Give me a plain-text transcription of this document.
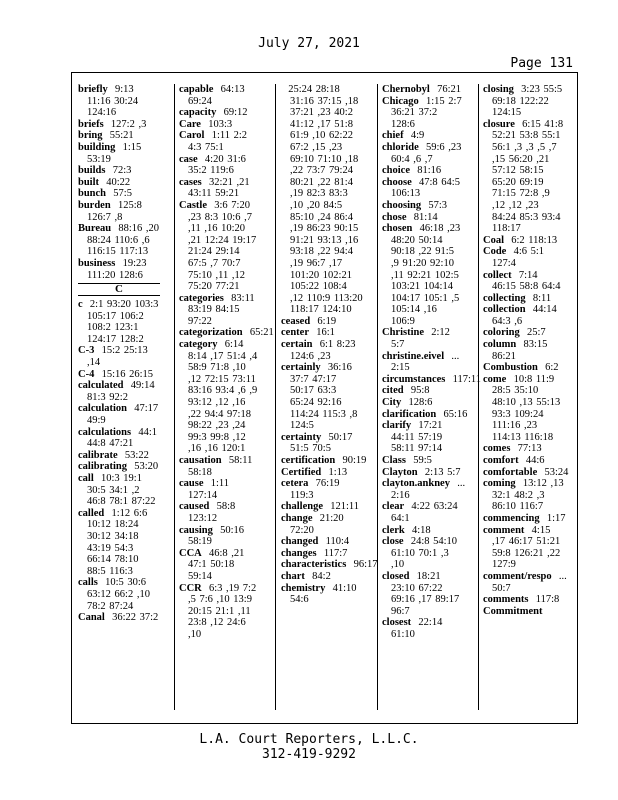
July 27, 2021
Page 131

briefly 9:13 11:16 30:24 124:16

briefs 127:2 ,3

bring 55:21

building 1:15 53:19

builds 72:3

built 40:22

bunch 57:5

burden 125:8 126:7 ,8

Bureau 88:16 ,20 88:24 110:6 ,6 116:15 117:13

business 19:23 111:20 128:6

C

c 2:1 93:20 103:3 105:17 106:2 108:2 123:1 124:17 128:2

C-3 15:2 25:13 ,14

C-4 15:16 26:15

calculated 49:14 81:3 92:2

calculation 47:17 49:9

calculations 44:1 44:8 47:21

calibrate 53:22

calibrating 53:20

call 10:3 19:1 30:5 34:1 ,2 46:8 78:1 87:22

called 1:12 6:6 10:12 18:24 30:12 34:18 43:19 54:3 66:14 78:10 88:5 116:3

calls 10:5 30:6 63:12 66:2 ,10 78:2 87:24

Canal 36:22 37:2

capable 64:13 69:24

capacity 69:12

Care 103:3

Carol 1:11 2:2 4:3 75:1

case 4:20 31:6 35:2 119:6

cases 32:21 ,21 43:11 59:21

Castle 3:6 7:20 ,23 8:3 10:6 ,7 ,11 ,16 10:20 ,21 12:24 19:17 21:24 29:14 67:5 ,7 70:7 75:10 ,11 ,12 75:20 77:21

categories 83:11 83:19 84:15 97:22

categorization 65:21

category 6:14 8:14 ,17 51:4 ,4 58:9 71:8 ,10 ,12 72:15 73:11 83:16 93:4 ,6 ,9 93:12 ,12 ,16 ,22 94:4 97:18 98:22 ,23 ,24 99:3 99:8 ,12 ,16 ,16 120:1

causation 58:11 58:18

cause 1:11 127:14

caused 58:8 123:12

causing 50:16 58:19

CCA 46:8 ,21 47:1 50:18 59:14

CCR 6:3 ,19 7:2 ,5 7:6 ,10 13:9 20:15 21:1 ,11 23:8 ,12 24:6 ,10

25:24 28:18 31:16 37:15 ,18 37:21 ,23 40:2 41:12 ,17 51:8 61:9 ,10 62:22 67:2 ,15 ,23 69:10 71:10 ,18 ,22 73:7 79:24 80:21 ,22 81:4 ,19 82:3 83:3 ,10 ,20 84:5 85:10 ,24 86:4 ,19 86:23 90:15 91:21 93:13 ,16 93:18 ,22 94:4 ,19 96:7 ,17 101:20 102:21 105:22 108:4 ,12 110:9 113:20 118:17 124:10

ceased 6:19

center 16:1

certain 6:1 8:23 124:6 ,23

certainly 36:16 37:7 47:17 50:17 63:3 65:24 92:16 114:24 115:3 ,8 124:5

certainty 50:17 51:5 70:5

certification 90:19

Certified 1:13

cetera 76:19 119:3

challenge 121:11

change 21:20 72:20

changed 110:4

changes 117:7

characteristics 96:17

chart 84:2

chemistry 41:10 54:6

Chernobyl 76:21

Chicago 1:15 2:7 36:21 37:2 128:6

chief 4:9

chloride 59:6 ,23 60:4 ,6 ,7

choice 81:16

choose 47:8 64:5 106:13

choosing 57:3

chose 81:14

chosen 46:18 ,23 48:20 50:14 90:18 ,22 91:5 ,9 91:20 92:10 ,11 92:21 102:5 103:21 104:14 104:17 105:1 ,5 105:14 ,16 106:9

Christine 2:12 5:7

christine.eivel ... 2:15

circumstances 117:11

cited 95:8

City 128:6

clarification 65:16

clarify 17:21 44:11 57:19 58:11 97:14

Class 59:5

Clayton 2:13 5:7

clayton.ankney ... 2:16

clear 4:22 63:24 64:1

clerk 4:18

close 24:8 54:10 61:10 70:1 ,3 ,10

closed 18:21 23:10 67:22 69:16 ,17 89:17 96:7

closest 22:14 61:10

closing 3:23 55:5 69:18 122:22 124:15

closure 6:15 41:8 52:21 53:8 55:1 56:1 ,3 ,3 ,5 ,7 ,15 56:20 ,21 57:12 58:15 65:20 69:19 71:15 72:8 ,9 ,12 ,12 ,23 84:24 85:3 93:4 118:17

Coal 6:2 118:13

Code 4:6 5:1 127:4

collect 7:14 46:15 58:8 64:4

collecting 8:11

collection 44:14 64:3 ,6

coloring 25:7

column 83:15 86:21

Combustion 6:2

come 10:8 11:9 28:5 35:10 48:10 ,13 55:13 93:3 109:24 111:16 ,23 114:13 116:18

comes 77:13

comfort 44:6

comfortable 53:24

coming 13:12 ,13 32:1 48:2 ,3 86:10 116:7

commencing 1:17

comment 4:15 ,17 46:17 51:21 59:8 126:21 ,22 127:9

comment/respo ... 50:7

comments 117:8

Commitment

L.A. Court Reporters, L.L.C.
312-419-9292
